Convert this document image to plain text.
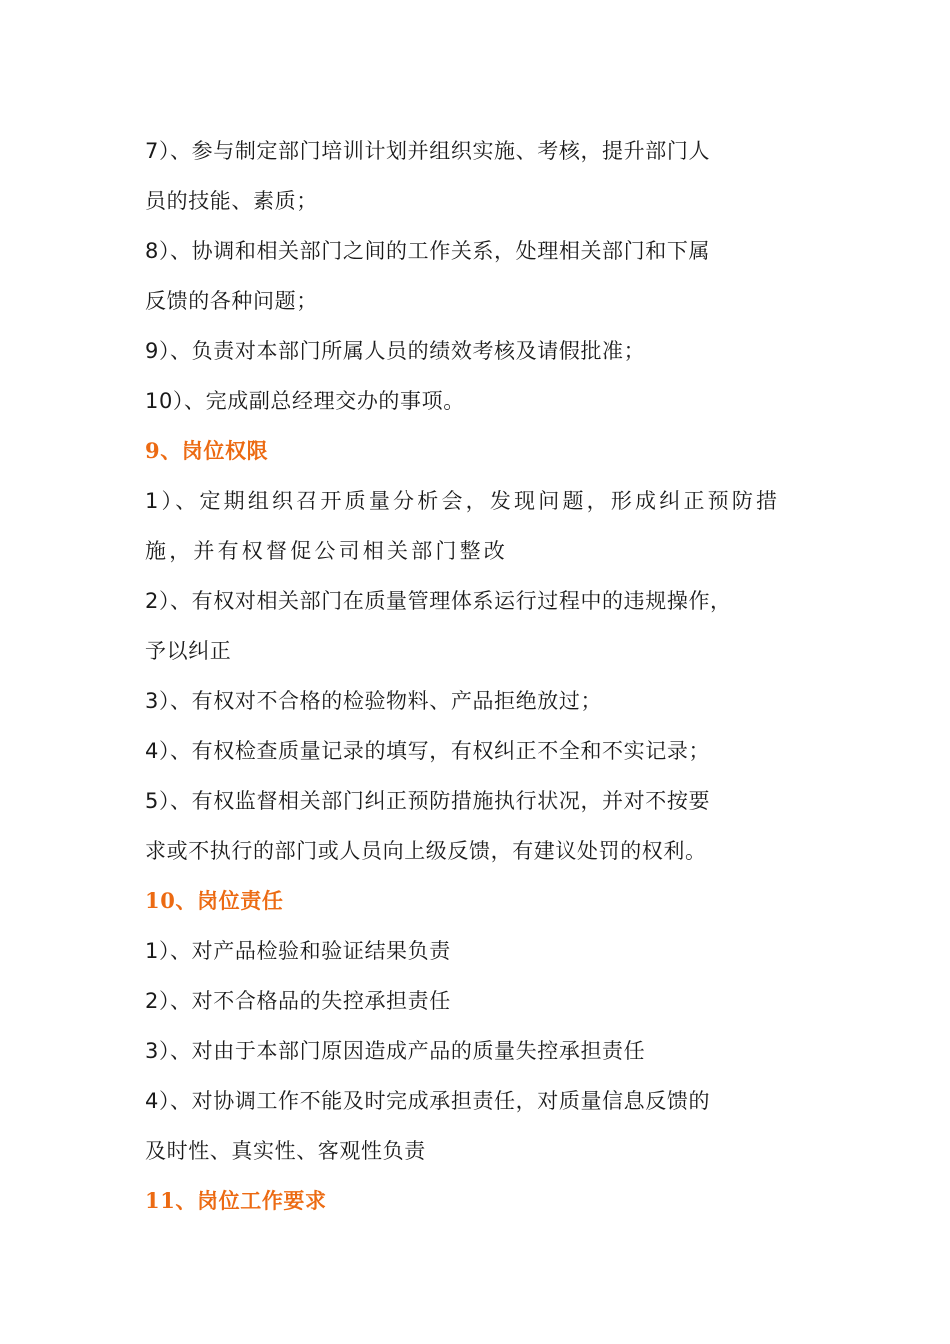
7）、参与制定部门培训计划并组织实施、考核，提升部门人
员的技能、素质；
8）、协调和相关部门之间的工作关系，处理相关部门和下属
反馈的各种问题；
9）、负责对本部门所属人员的绩效考核及请假批准；
10）、完成副总经理交办的事项。
9、岗位权限
1）、定期组织召开质量分析会，发现问题，形成纠正预防措
施，并有权督促公司相关部门整改
2）、有权对相关部门在质量管理体系运行过程中的违规操作，
予以纠正
3）、有权对不合格的检验物料、产品拒绝放过；
4）、有权检查质量记录的填写，有权纠正不全和不实记录；
5）、有权监督相关部门纠正预防措施执行状况，并对不按要
求或不执行的部门或人员向上级反馈，有建议处罚的权利。
10、岗位责任
1）、对产品检验和验证结果负责
2）、对不合格品的失控承担责任
3）、对由于本部门原因造成产品的质量失控承担责任
4）、对协调工作不能及时完成承担责任，对质量信息反馈的
及时性、真实性、客观性负责
11、岗位工作要求
